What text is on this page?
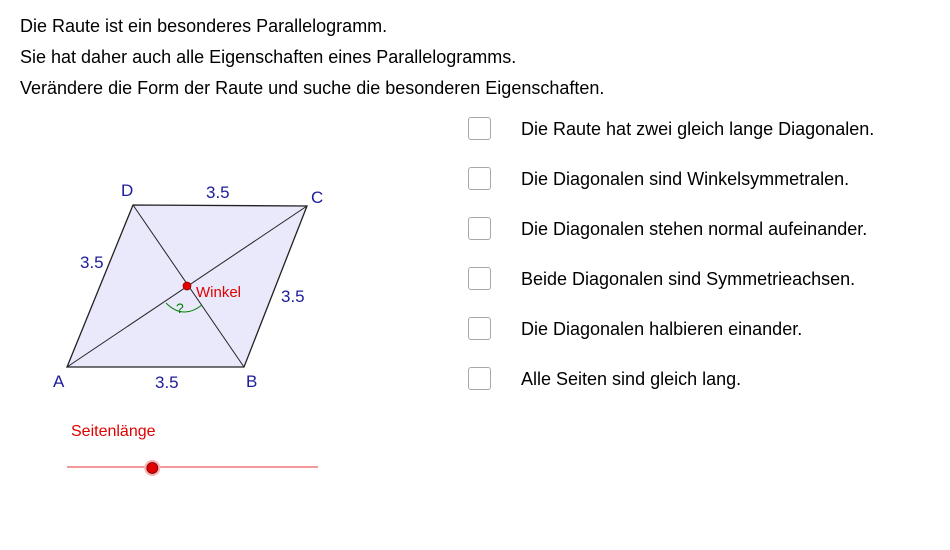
Die Raute ist ein besonderes Parallelogramm.
Sie hat daher auch alle Eigenschaften eines Parallelogramms.
Verändere die Form der Raute und suche die besonderen Eigenschaften.
?
Winkel
A	B
C
D
3.5
3.5
3.5
3.5
Seitenlänge
Die Raute hat zwei gleich lange Diagonalen.
Die Diagonalen sind Winkelsymmetralen.
Die Diagonalen stehen normal aufeinander.
Beide Diagonalen sind Symmetrieachsen.
Die Diagonalen halbieren einander.
Alle Seiten sind gleich lang.
